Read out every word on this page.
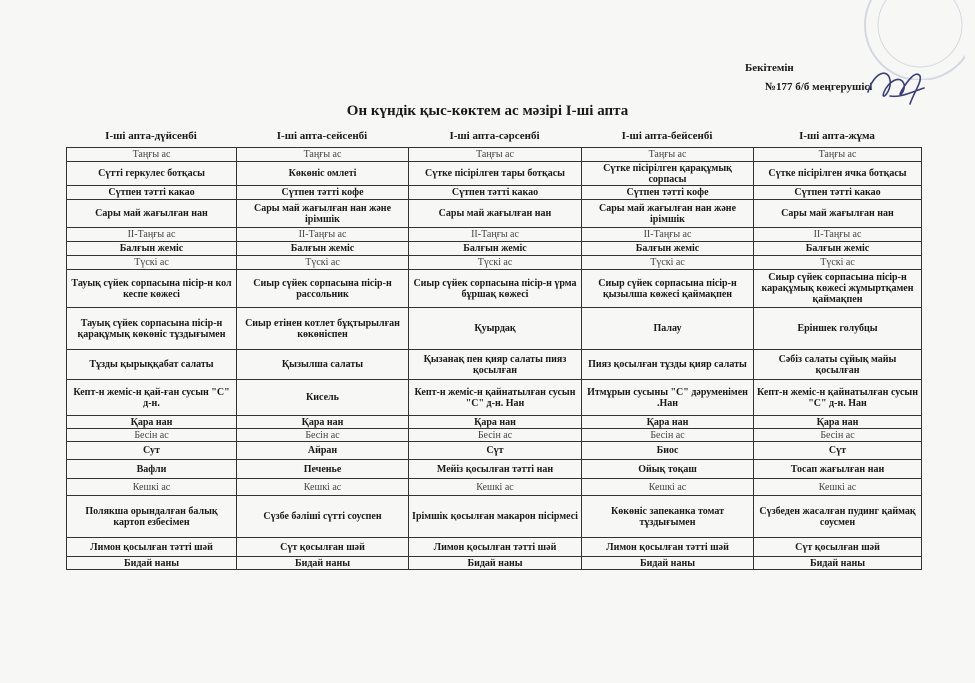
Бекітемін
№177 б/б меңгерушісі
Он күндік қыс-көктем ас мәзірі І-ші апта
І-ші апта-дүйсенбі	І-ші апта-сейсенбі	І-ші апта-сәрсенбі	І-ші апта-бейсенбі	І-ші апта-жұма
Таңғы ас	Таңғы ас	Таңғы ас	Таңғы ас	Таңғы ас
Сүтті геркулес ботқасы	Көкөніс омлеті	Сүтке пісірілген тары ботқасы	Сүтке пісірілген қарақұмық сорпасы	Сүтке пісірілген ячка ботқасы
Сүтпен тәтті какао	Сүтпен тәтті кофе	Сүтпен тәтті какао	Сүтпен тәтті кофе	Сүтпен тәтті какао
Сары май жағылған нан	Сары май жағылған нан және ірімшік	Сары май жағылған нан	Сары май жағылған нан және ірімшік	Сары май жағылған нан
ІІ-Таңғы ас	ІІ-Таңғы ас	ІІ-Таңғы ас	ІІ-Таңғы ас	ІІ-Таңғы ас
Балғын жеміс	Балғын жеміс	Балғын жеміс	Балғын жеміс	Балғын жеміс
Түскі ас	Түскі ас	Түскі ас	Түскі ас	Түскі ас
Тауық сүйек сорпасына пісір-н кол кеспе көжесі	Сиыр сүйек сорпасына пісір-н рассольник	Сиыр сүйек сорпасына пісір-н үрма бұршақ көжесі	Сиыр сүйек сорпасына пісір-н қызылша көжесі қаймақпен	Сиыр сүйек сорпасына пісір-н карақұмық көжесі жұмыртқамен қаймақпен
Тауық сүйек сорпасына пісір-н қарақұмық көкөніс тұздығымен	Сиыр етінен котлет бұқтырылған көкөніспен	Қуырдақ	Палау	Еріншек голубцы
Тұзды қырыққабат салаты	Қызылша салаты	Қызанақ пен қияр салаты пияз қосылған	Пияз қосылған тұзды қияр салаты	Сәбіз салаты сұйық майы қосылған
Кепт-н жеміс-н қай-ған сусын "С" д-н.	Кисель	Кепт-н жеміс-н қайнатылған сусын "С" д-н. Нан	Итмұрын сусыны "С" дәруменімен .Нан	Кепт-н жеміс-н қайнатылған сусын "С" д-н. Нан
Қара нан	Қара нан	Қара нан	Қара нан	Қара нан
Бесін ас	Бесін ас	Бесін ас	Бесін ас	Бесін ас
Сут	Айран	Сүт	Биос	Сүт
Вафли	Печенье	Мейіз қосылған тәтті нан	Ойық тоқаш	Тосап жағылған нан
Кешкі ас	Кешкі ас	Кешкі ас	Кешкі ас	Кешкі ас
Полякша орындалған балық картоп езбесімен	Сүзбе бәліші сүтті соуспен	Ірімшік қосылған макарон пісірмесі	Көкөніс запеканка томат тұздығымен	Сүзбеден жасалған пудинг қаймақ соусмен
Лимон қосылған тәтті шәй	Сүт қосылған шәй	Лимон қосылған тәтті шәй	Лимон қосылған тәтті шәй	Сүт қосылған шәй
Бидай наны	Бидай наны	Бидай наны	Бидай наны	Бидай наны
